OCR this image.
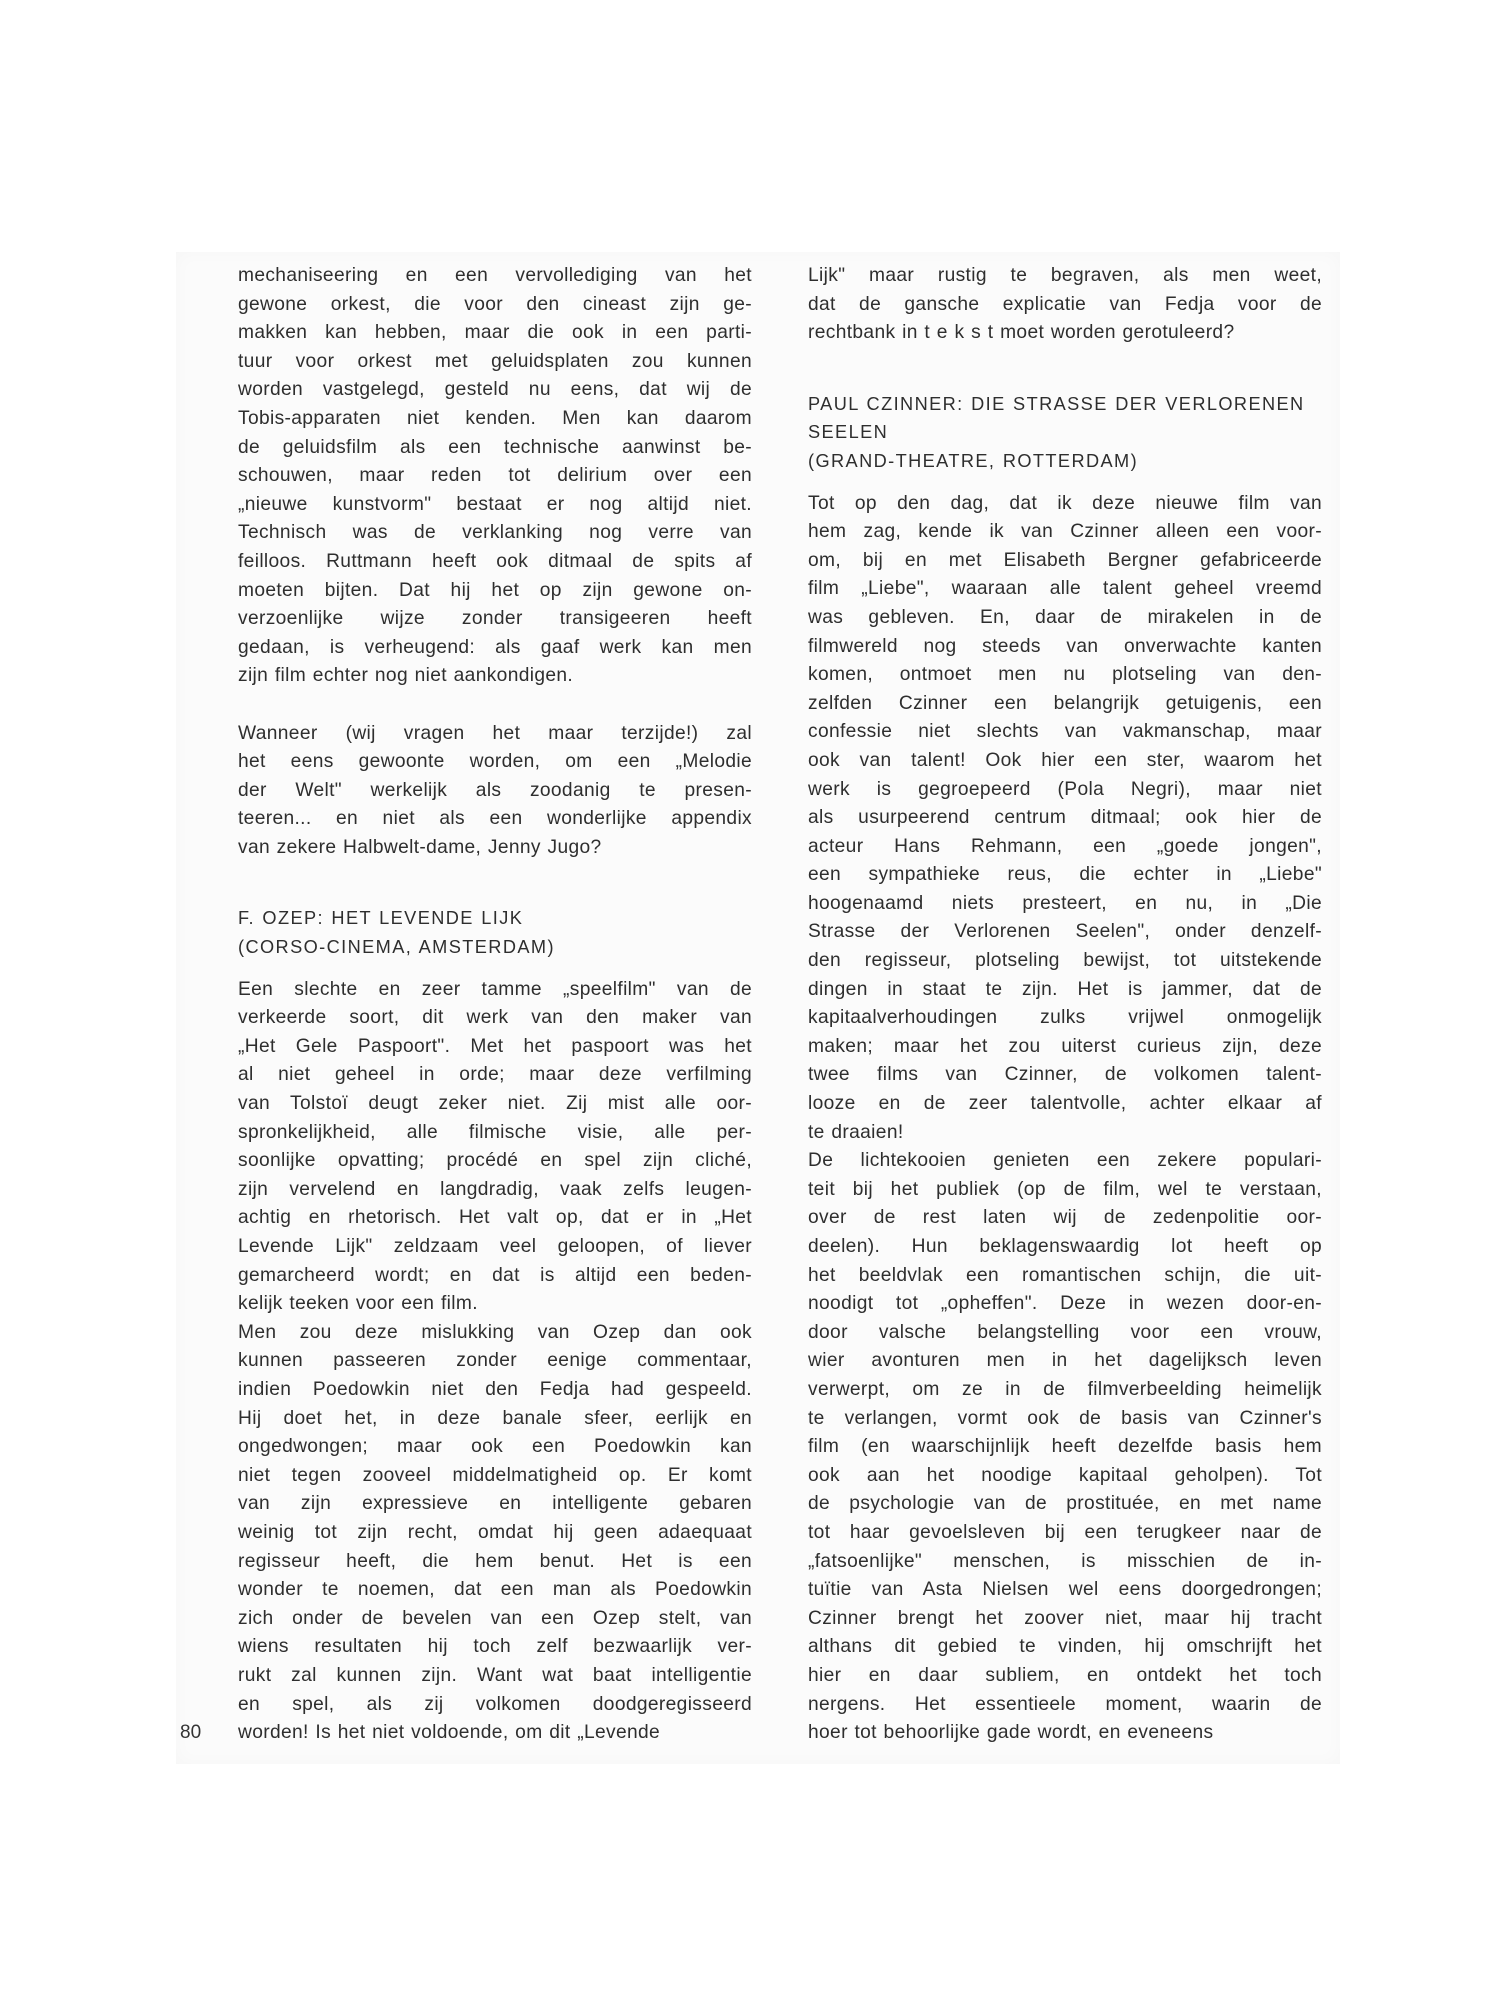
mechaniseering en een vervollediging van het
gewone orkest, die voor den cineast zijn ge-
makken kan hebben, maar die ook in een parti-
tuur voor orkest met geluidsplaten zou kunnen
worden vastgelegd, gesteld nu eens, dat wij de
Tobis-apparaten niet kenden. Men kan daarom
de geluidsfilm als een technische aanwinst be-
schouwen, maar reden tot delirium over een
„nieuwe kunstvorm" bestaat er nog altijd niet.
Technisch was de verklanking nog verre van
feilloos. Ruttmann heeft ook ditmaal de spits af
moeten bijten. Dat hij het op zijn gewone on-
verzoenlijke wijze zonder transigeeren heeft
gedaan, is verheugend: als gaaf werk kan men
zijn film echter nog niet aankondigen.
Wanneer (wij vragen het maar terzijde!) zal
het eens gewoonte worden, om een „Melodie
der Welt" werkelijk als zoodanig te presen-
teeren... en niet als een wonderlijke appendix
van zekere Halbwelt-dame, Jenny Jugo?
F. OZEP: HET LEVENDE LIJK
(CORSO-CINEMA, AMSTERDAM)
Een slechte en zeer tamme „speelfilm" van de
verkeerde soort, dit werk van den maker van
„Het Gele Paspoort". Met het paspoort was het
al niet geheel in orde; maar deze verfilming
van Tolstoï deugt zeker niet. Zij mist alle oor-
spronkelijkheid, alle filmische visie, alle per-
soonlijke opvatting; procédé en spel zijn cliché,
zijn vervelend en langdradig, vaak zelfs leugen-
achtig en rhetorisch. Het valt op, dat er in „Het
Levende Lijk" zeldzaam veel geloopen, of liever
gemarcheerd wordt; en dat is altijd een beden-
kelijk teeken voor een film.
Men zou deze mislukking van Ozep dan ook
kunnen passeeren zonder eenige commentaar,
indien Poedowkin niet den Fedja had gespeeld.
Hij doet het, in deze banale sfeer, eerlijk en
ongedwongen; maar ook een Poedowkin kan
niet tegen zooveel middelmatigheid op. Er komt
van zijn expressieve en intelligente gebaren
weinig tot zijn recht, omdat hij geen adaequaat
regisseur heeft, die hem benut. Het is een
wonder te noemen, dat een man als Poedowkin
zich onder de bevelen van een Ozep stelt, van
wiens resultaten hij toch zelf bezwaarlijk ver-
rukt zal kunnen zijn. Want wat baat intelligentie
en spel, als zij volkomen doodgeregisseerd
worden! Is het niet voldoende, om dit „Levende
Lijk" maar rustig te begraven, als men weet,
dat de gansche explicatie van Fedja voor de
rechtbank in t e k s t moet worden gerotuleerd?
PAUL CZINNER: DIE STRASSE DER VERLORENEN
SEELEN
(GRAND-THEATRE, ROTTERDAM)
Tot op den dag, dat ik deze nieuwe film van
hem zag, kende ik van Czinner alleen een voor-
om, bij en met Elisabeth Bergner gefabriceerde
film „Liebe", waaraan alle talent geheel vreemd
was gebleven. En, daar de mirakelen in de
filmwereld nog steeds van onverwachte kanten
komen, ontmoet men nu plotseling van den-
zelfden Czinner een belangrijk getuigenis, een
confessie niet slechts van vakmanschap, maar
ook van talent! Ook hier een ster, waarom het
werk is gegroepeerd (Pola Negri), maar niet
als usurpeerend centrum ditmaal; ook hier de
acteur Hans Rehmann, een „goede jongen",
een sympathieke reus, die echter in „Liebe"
hoogenaamd niets presteert, en nu, in „Die
Strasse der Verlorenen Seelen", onder denzelf-
den regisseur, plotseling bewijst, tot uitstekende
dingen in staat te zijn. Het is jammer, dat de
kapitaalverhoudingen zulks vrijwel onmogelijk
maken; maar het zou uiterst curieus zijn, deze
twee films van Czinner, de volkomen talent-
looze en de zeer talentvolle, achter elkaar af
te draaien!
De lichtekooien genieten een zekere populari-
teit bij het publiek (op de film, wel te verstaan,
over de rest laten wij de zedenpolitie oor-
deelen). Hun beklagenswaardig lot heeft op
het beeldvlak een romantischen schijn, die uit-
noodigt tot „opheffen". Deze in wezen door-en-
door valsche belangstelling voor een vrouw,
wier avonturen men in het dagelijksch leven
verwerpt, om ze in de filmverbeelding heimelijk
te verlangen, vormt ook de basis van Czinner's
film (en waarschijnlijk heeft dezelfde basis hem
ook aan het noodige kapitaal geholpen). Tot
de psychologie van de prostituée, en met name
tot haar gevoelsleven bij een terugkeer naar de
„fatsoenlijke" menschen, is misschien de in-
tuïtie van Asta Nielsen wel eens doorgedrongen;
Czinner brengt het zoover niet, maar hij tracht
althans dit gebied te vinden, hij omschrijft het
hier en daar subliem, en ontdekt het toch
nergens. Het essentieele moment, waarin de
hoer tot behoorlijke gade wordt, en eveneens
80
